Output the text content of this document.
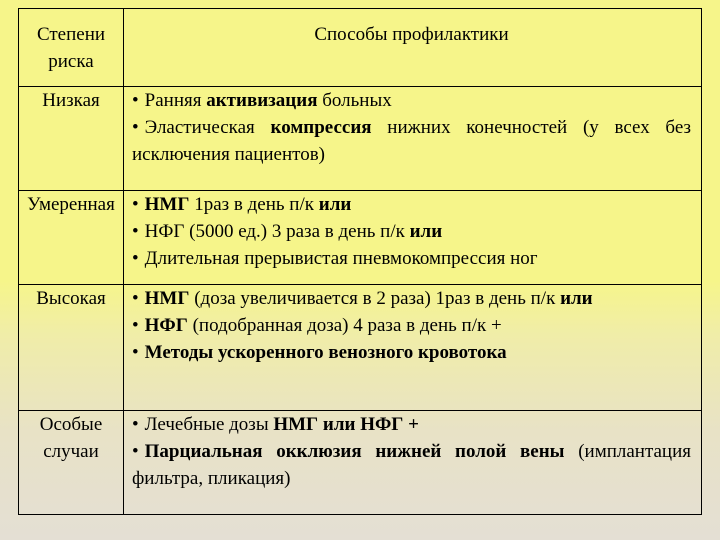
Степени риска	Способы профилактики
Низкая	• Ранняя активизация больных
• Эластическая компрессия нижних конечностей (у всех без исключения пациентов)

Умеренная	• НМГ 1раз в день п/к или
• НФГ (5000 ед.) 3 раза в день п/к или
• Длительная прерывистая пневмокомпрессия ног

Высокая	• НМГ (доза увеличивается в 2 раза) 1раз в день п/к или
• НФГ (подобранная доза) 4 раза в день п/к +
• Методы ускоренного венозного кровотока

Особые случаи	• Лечебные дозы НМГ или НФГ +
• Парциальная окклюзия нижней полой вены (имплантация фильтра, пликация)
